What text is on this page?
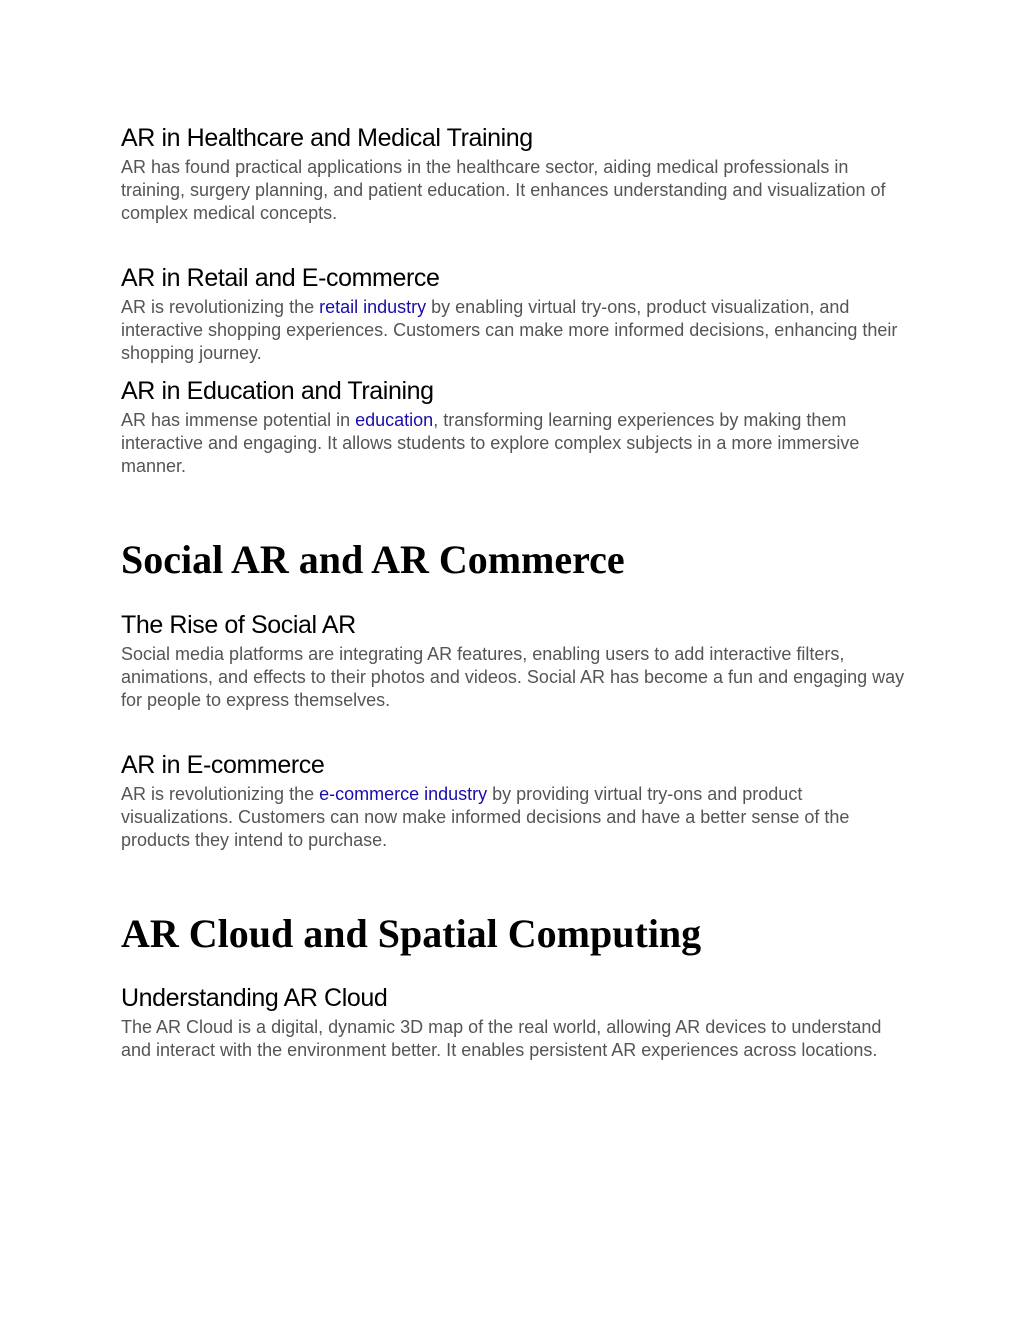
AR in Healthcare and Medical Training

AR has found practical applications in the healthcare sector, aiding medical professionals in training, surgery planning, and patient education. It enhances understanding and visualization of complex medical concepts.

AR in Retail and E-commerce

AR is revolutionizing the retail industry by enabling virtual try-ons, product visualization, and interactive shopping experiences. Customers can make more informed decisions, enhancing their shopping journey.

AR in Education and Training

AR has immense potential in education, transforming learning experiences by making them interactive and engaging. It allows students to explore complex subjects in a more immersive manner.

Social AR and AR Commerce
The Rise of Social AR

Social media platforms are integrating AR features, enabling users to add interactive filters, animations, and effects to their photos and videos. Social AR has become a fun and engaging way for people to express themselves.

AR in E-commerce

AR is revolutionizing the e-commerce industry by providing virtual try-ons and product visualizations. Customers can now make informed decisions and have a better sense of the products they intend to purchase.

AR Cloud and Spatial Computing
Understanding AR Cloud

The AR Cloud is a digital, dynamic 3D map of the real world, allowing AR devices to understand and interact with the environment better. It enables persistent AR experiences across locations.
